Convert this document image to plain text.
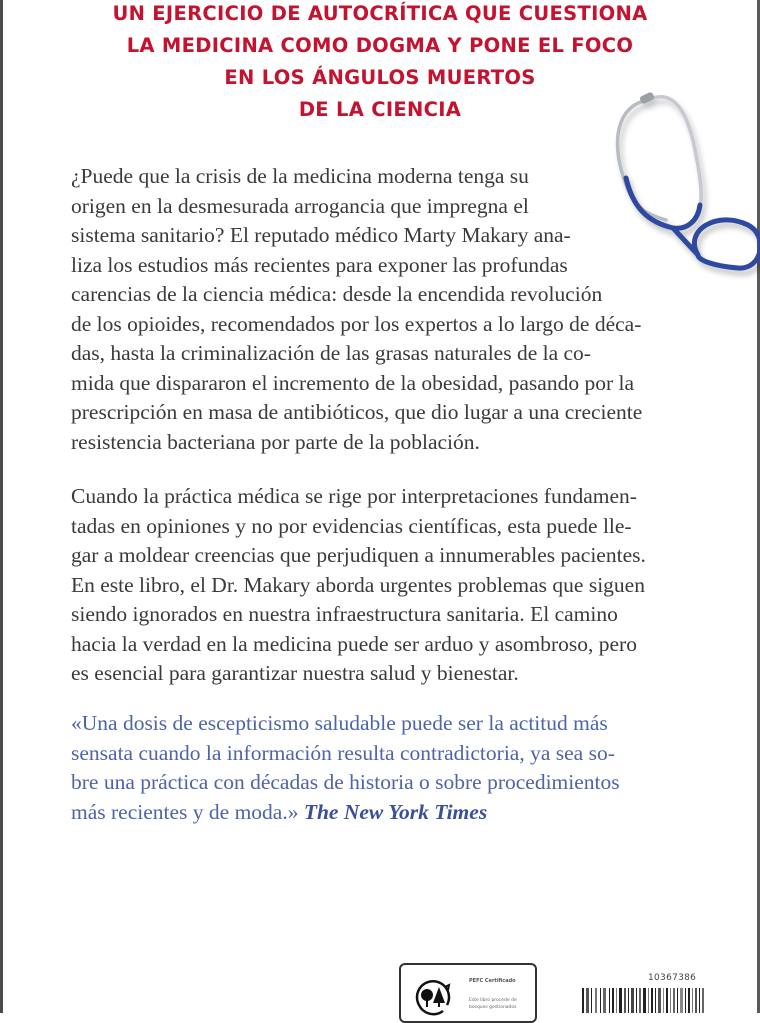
UN EJERCICIO DE AUTOCRÍTICA QUE CUESTIONA
LA MEDICINA COMO DOGMA Y PONE EL FOCO
EN LOS ÁNGULOS MUERTOS
DE LA CIENCIA
¿Puede que la crisis de la medicina moderna tenga su
origen en la desmesurada arrogancia que impregna el
sistema sanitario? El reputado médico Marty Makary ana-
liza los estudios más recientes para exponer las profundas
carencias de la ciencia médica: desde la encendida revolución
de los opioides, recomendados por los expertos a lo largo de déca-
das, hasta la criminalización de las grasas naturales de la co-
mida que dispararon el incremento de la obesidad, pasando por la
prescripción en masa de antibióticos, que dio lugar a una creciente
resistencia bacteriana por parte de la población.
Cuando la práctica médica se rige por interpretaciones fundamen-
tadas en opiniones y no por evidencias científicas, esta puede lle-
gar a moldear creencias que perjudiquen a innumerables pacientes.
En este libro, el Dr. Makary aborda urgentes problemas que siguen
siendo ignorados en nuestra infraestructura sanitaria. El camino
hacia la verdad en la medicina puede ser arduo y asombroso, pero
es esencial para garantizar nuestra salud y bienestar.
«Una dosis de escepticismo saludable puede ser la actitud más
sensata cuando la información resulta contradictoria, ya sea so-
bre una práctica con décadas de historia o sobre procedimientos
más recientes y de moda.» The New York Times
PEFC Certificado
Este libro procede de bosques gestionados
10367386
